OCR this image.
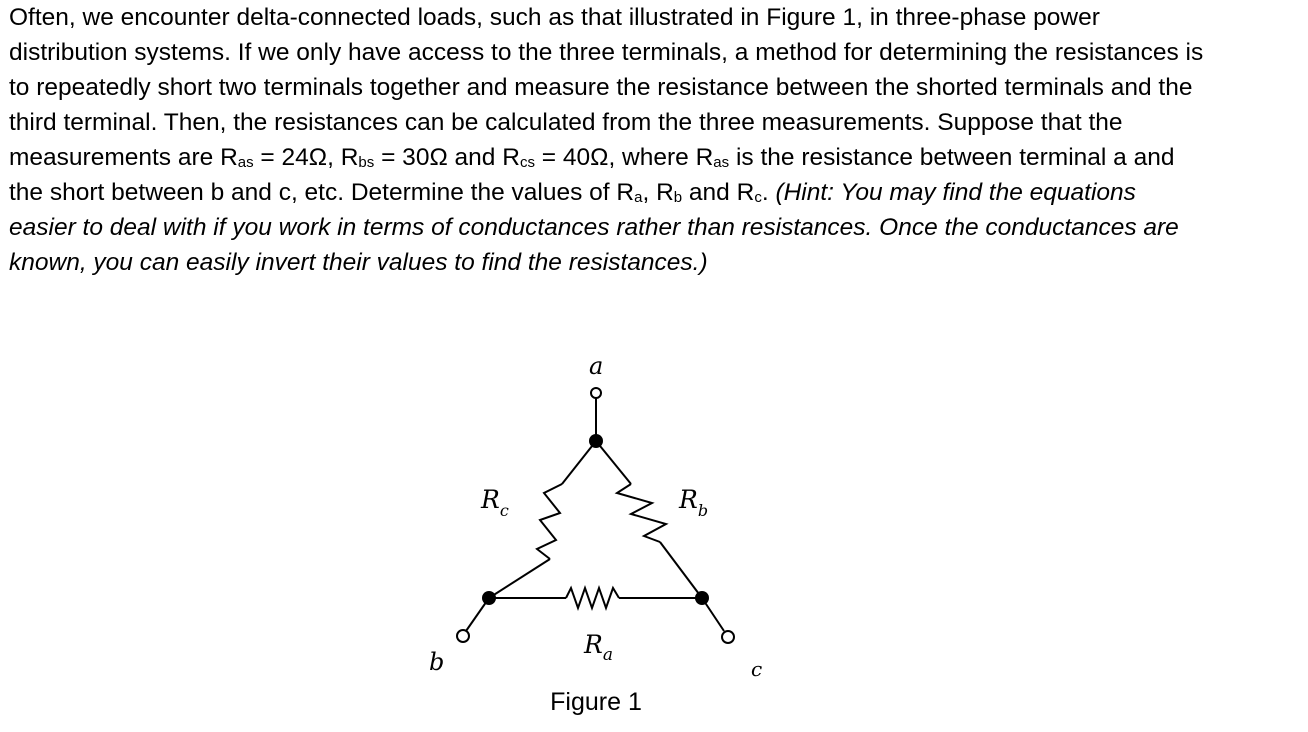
Often, we encounter delta-connected loads, such as that illustrated in Figure 1, in three-phase power distribution systems. If we only have access to the three terminals, a method for determining the resistances is to repeatedly short two terminals together and measure the resistance between the shorted terminals and the third terminal. Then, the resistances can be calculated from the three measurements. Suppose that the measurements are $R_{as} = 24\Omega$, $R_{bs} = 30\Omega$ and $R_{cs} = 40\Omega$, where $R_{as}$ is the resistance between terminal a and the short between b and c, etc. Determine the values of $R_a$, $R_b$ and $R_c$. (Hint: You may find the equations easier to deal with if you work in terms of conductances rather than resistances. Once the conductances are known, you can easily invert their values to find the resistances.)

a
b	c
$R_c$	$R_b$
$R_a$
Figure 1
